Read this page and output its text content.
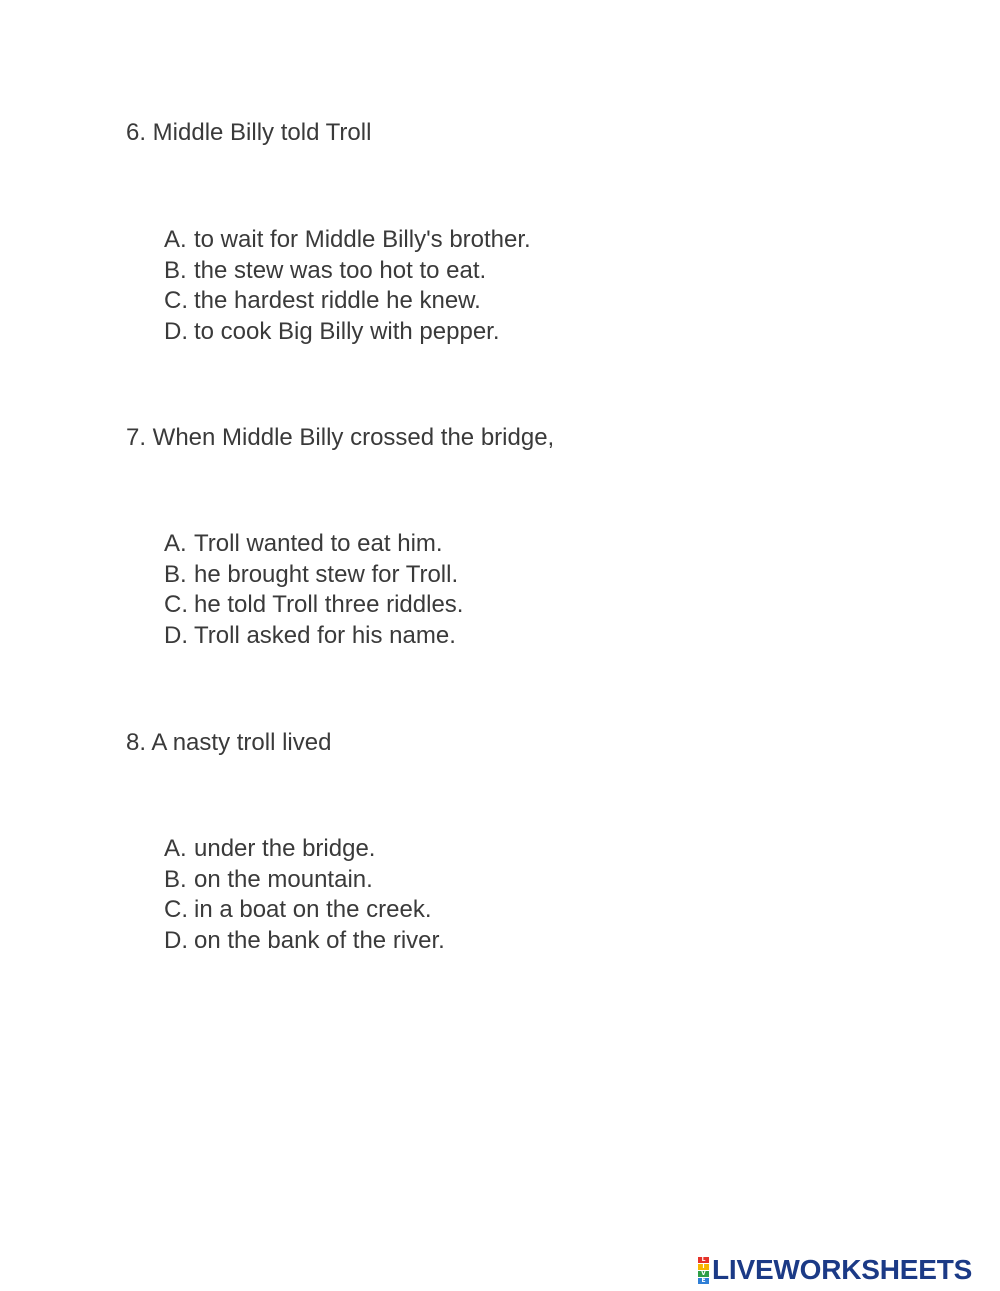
6. Middle Billy told Troll

A. to wait for Middle Billy's brother.
B. the stew was too hot to eat.
C. the hardest riddle he knew.
D. to cook Big Billy with pepper.

7. When Middle Billy crossed the bridge,

A. Troll wanted to eat him.
B. he brought stew for Troll.
C. he told Troll three riddles.
D. Troll asked for his name.

8. A nasty troll lived

A. under the bridge.
B. on the mountain.
C. in a boat on the creek.
D. on the bank of the river.
L
I
V
E LIVEWORKSHEETS
